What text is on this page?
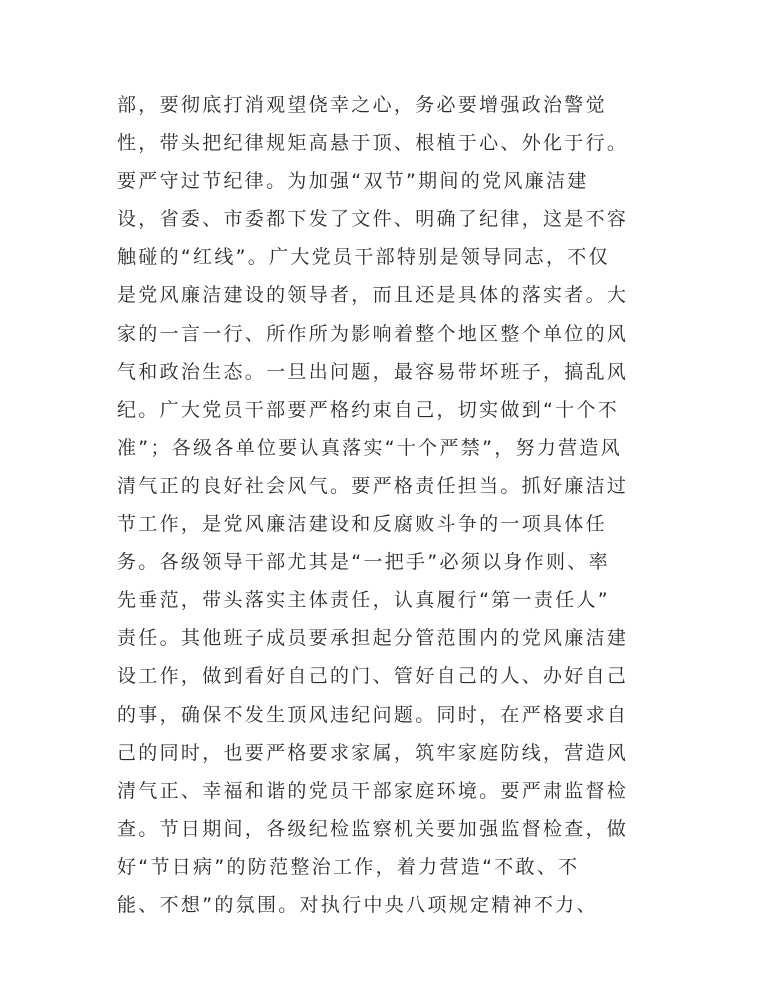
部，要彻底打消观望侥幸之心，务必要增强政治警觉
性，带头把纪律规矩高悬于顶、根植于心、外化于行。
要严守过节纪律。为加强“双节”期间的党风廉洁建
设，省委、市委都下发了文件、明确了纪律，这是不容
触碰的“红线”。广大党员干部特别是领导同志，不仅
是党风廉洁建设的领导者，而且还是具体的落实者。大
家的一言一行、所作所为影响着整个地区整个单位的风
气和政治生态。一旦出问题，最容易带坏班子，搞乱风
纪。广大党员干部要严格约束自己，切实做到“十个不
准”；各级各单位要认真落实“十个严禁”，努力营造风
清气正的良好社会风气。要严格责任担当。抓好廉洁过
节工作，是党风廉洁建设和反腐败斗争的一项具体任
务。各级领导干部尤其是“一把手”必须以身作则、率
先垂范，带头落实主体责任，认真履行“第一责任人”
责任。其他班子成员要承担起分管范围内的党风廉洁建
设工作，做到看好自己的门、管好自己的人、办好自己
的事，确保不发生顶风违纪问题。同时，在严格要求自
己的同时，也要严格要求家属，筑牢家庭防线，营造风
清气正、幸福和谐的党员干部家庭环境。要严肃监督检
查。节日期间，各级纪检监察机关要加强监督检查，做
好“节日病”的防范整治工作，着力营造“不敢、不
能、不想”的氛围。对执行中央八项规定精神不力、
